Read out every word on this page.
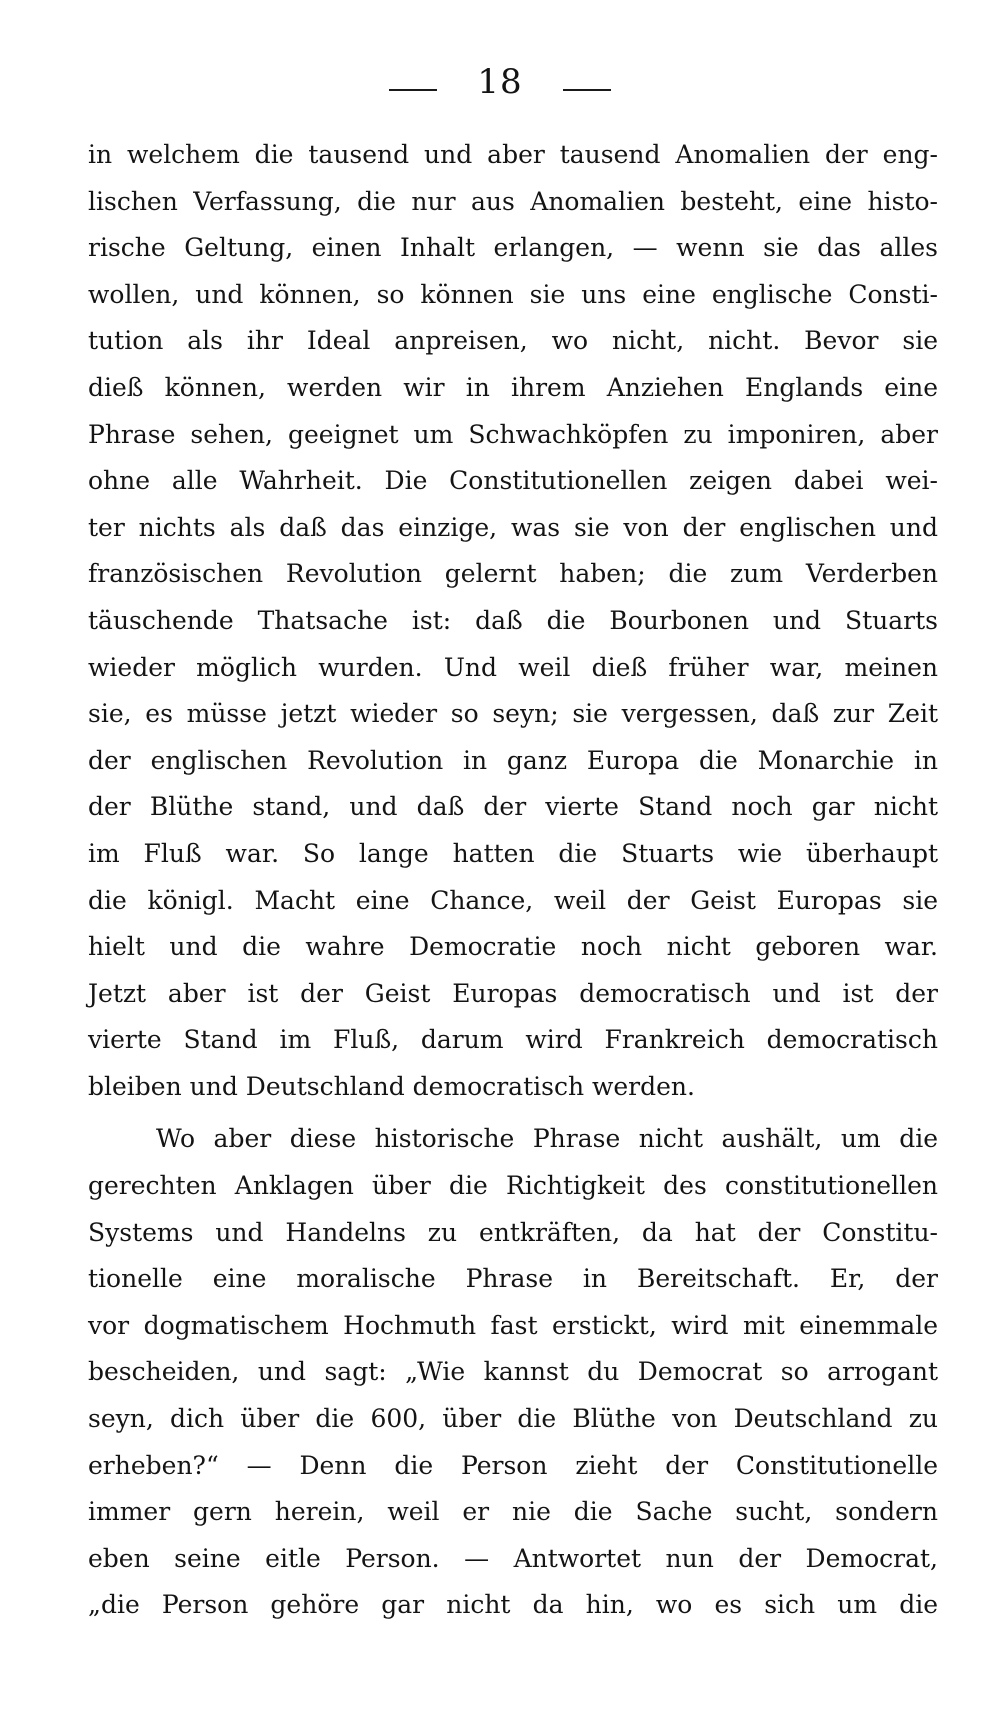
18
in welchem die tausend und aber tausend Anomalien der eng-
lischen Verfassung, die nur aus Anomalien besteht, eine histo-
rische Geltung, einen Inhalt erlangen, — wenn sie das alles
wollen, und können, so können sie uns eine englische Consti-
tution als ihr Ideal anpreisen, wo nicht, nicht. Bevor sie
dieß können, werden wir in ihrem Anziehen Englands eine
Phrase sehen, geeignet um Schwachköpfen zu imponiren, aber
ohne alle Wahrheit. Die Constitutionellen zeigen dabei wei-
ter nichts als daß das einzige, was sie von der englischen und
französischen Revolution gelernt haben; die zum Verderben
täuschende Thatsache ist: daß die Bourbonen und Stuarts
wieder möglich wurden. Und weil dieß früher war, meinen
sie, es müsse jetzt wieder so seyn; sie vergessen, daß zur Zeit
der englischen Revolution in ganz Europa die Monarchie in
der Blüthe stand, und daß der vierte Stand noch gar nicht
im Fluß war. So lange hatten die Stuarts wie überhaupt
die königl. Macht eine Chance, weil der Geist Europas sie
hielt und die wahre Democratie noch nicht geboren war.
Jetzt aber ist der Geist Europas democratisch und ist der
vierte Stand im Fluß, darum wird Frankreich democratisch
bleiben und Deutschland democratisch werden.
Wo aber diese historische Phrase nicht aushält, um die
gerechten Anklagen über die Richtigkeit des constitutionellen
Systems und Handelns zu entkräften, da hat der Constitu-
tionelle eine moralische Phrase in Bereitschaft. Er, der
vor dogmatischem Hochmuth fast erstickt, wird mit einemmale
bescheiden, und sagt: „Wie kannst du Democrat so arrogant
seyn, dich über die 600, über die Blüthe von Deutschland zu
erheben?“ — Denn die Person zieht der Constitutionelle
immer gern herein, weil er nie die Sache sucht, sondern
eben seine eitle Person. — Antwortet nun der Democrat,
„die Person gehöre gar nicht da hin, wo es sich um die
